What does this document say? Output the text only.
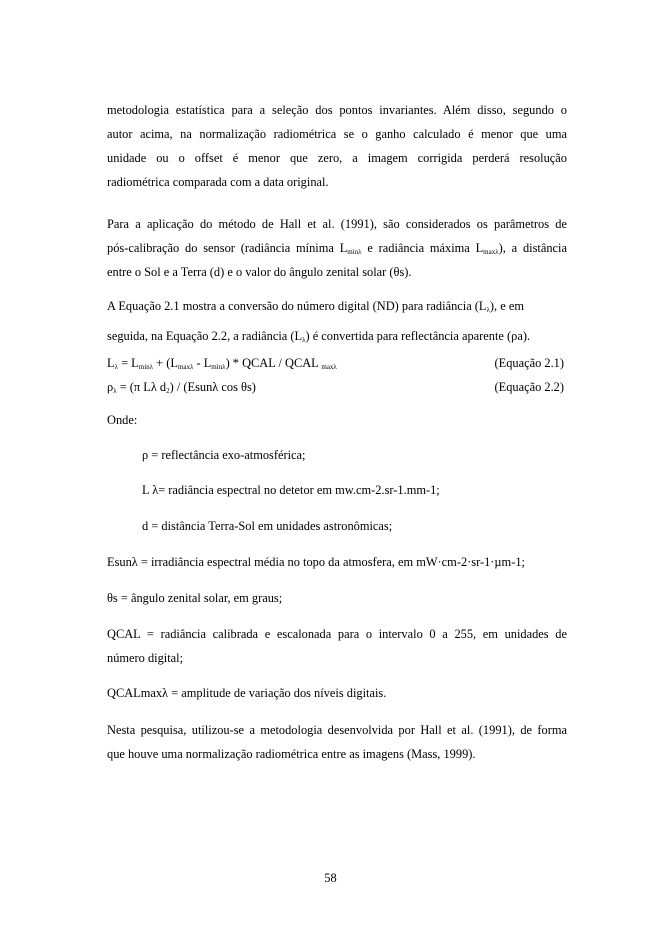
metodologia estatística para a seleção dos pontos invariantes. Além disso, segundo o
autor acima, na normalização radiométrica se o ganho calculado é menor que uma
unidade ou o offset é menor que zero, a imagem corrigida perderá resolução
radiométrica comparada com a data original.
Para a aplicação do método de Hall et al. (1991), são considerados os parâmetros de
pós-calibração do sensor (radiância mínima $L_{min\lambda}$ e radiância máxima $L_{max\lambda}$), a distância
entre o Sol e a Terra (d) e o valor do ângulo zenital solar (θs).
A Equação 2.1 mostra a conversão do número digital (ND) para radiância $(L_\lambda)$, e em
seguida, na Equação 2.2, a radiância $(L_\lambda)$ é convertida para reflectância aparente (ρa).
$L_\lambda = L_{min\lambda} + (L_{max\lambda} - L_{min\lambda})$ * QCAL / QCAL $_{max\lambda}$	(Equação 2.1)
$\rho_\lambda = (\pi$ Lλ $d_2$) / (Esunλ cos θs)	(Equação 2.2)
Onde:

ρ = reflectância exo-atmosférica;

L λ= radiância espectral no detetor em mw.cm-2.sr-1.mm-1;

d = distância Terra-Sol em unidades astronômicas;

Esunλ = irradiância espectral média no topo da atmosfera, em mW·cm-2·sr-1·µm-1;
θs = ângulo zenital solar, em graus;
QCAL = radiância calibrada e escalonada para o intervalo 0 a 255, em unidades de
número digital;
QCALmaxλ = amplitude de variação dos níveis digitais.
Nesta pesquisa, utilizou-se a metodologia desenvolvida por Hall et al. (1991), de forma
que houve uma normalização radiométrica entre as imagens (Mass, 1999).
58
